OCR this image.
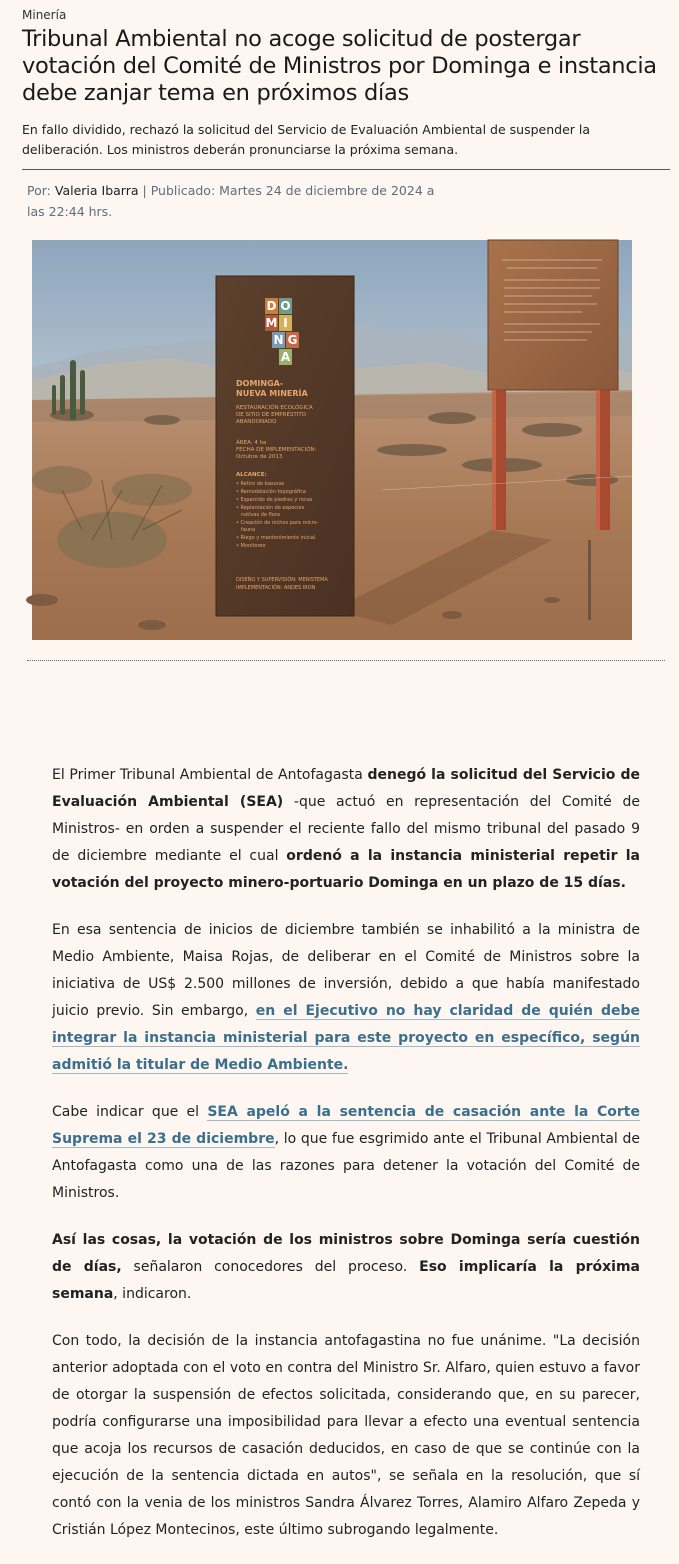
Minería
Tribunal Ambiental no acoge solicitud de postergar votación del Comité de Ministros por Dominga e instancia debe zanjar tema en próximos días

En fallo dividido, rechazó la solicitud del Servicio de Evaluación Ambiental de suspender la deliberación. Los ministros deberán pronunciarse la próxima semana.

Por: Valeria Ibarra | Publicado: Martes 24 de diciembre de 2024 a las 22:44 hrs.
D O
M I
N G
A
DOMINGA-
NUEVA MINERÍA
RESTAURACIÓN ECOLÓGICA
DE SITIO DE EMPRÉSTITO
ABANDONADO
ÁREA: 4 ha
FECHA DE IMPLEMENTACIÓN:
Octubre de 2013
ALCANCE:
• Retiro de basuras
• Remodelación topográfica
• Esparcido de piedras y rocas
• Replantación de especies
nativas de flora
• Creación de nichos para micro-
fauna
• Riego y mantenimiento inicial
• Monitoreo
DISEÑO Y SUPERVISIÓN: MERISTEMA
IMPLEMENTACIÓN: ANDES IRON

El Primer Tribunal Ambiental de Antofagasta denegó la solicitud del Servicio de Evaluación Ambiental (SEA) -que actuó en representación del Comité de Ministros- en orden a suspender el reciente fallo del mismo tribunal del pasado 9 de diciembre mediante el cual ordenó a la instancia ministerial repetir la votación del proyecto minero-portuario Dominga en un plazo de 15 días.

En esa sentencia de inicios de diciembre también se inhabilitó a la ministra de Medio Ambiente, Maisa Rojas, de deliberar en el Comité de Ministros sobre la iniciativa de US$ 2.500 millones de inversión, debido a que había manifestado juicio previo. Sin embargo, en el Ejecutivo no hay claridad de quién debe integrar la instancia ministerial para este proyecto en específico, según admitió la titular de Medio Ambiente.

Cabe indicar que el SEA apeló a la sentencia de casación ante la Corte Suprema el 23 de diciembre, lo que fue esgrimido ante el Tribunal Ambiental de Antofagasta como una de las razones para detener la votación del Comité de Ministros.

Así las cosas, la votación de los ministros sobre Dominga sería cuestión de días, señalaron conocedores del proceso. Eso implicaría la próxima semana, indicaron.

Con todo, la decisión de la instancia antofagastina no fue unánime. "La decisión anterior adoptada con el voto en contra del Ministro Sr. Alfaro, quien estuvo a favor de otorgar la suspensión de efectos solicitada, considerando que, en su parecer, podría configurarse una imposibilidad para llevar a efecto una eventual sentencia que acoja los recursos de casación deducidos, en caso de que se continúe con la ejecución de la sentencia dictada en autos", se señala en la resolución, que sí contó con la venia de los ministros Sandra Álvarez Torres, Alamiro Alfaro Zepeda y Cristián López Montecinos, este último subrogando legalmente.
